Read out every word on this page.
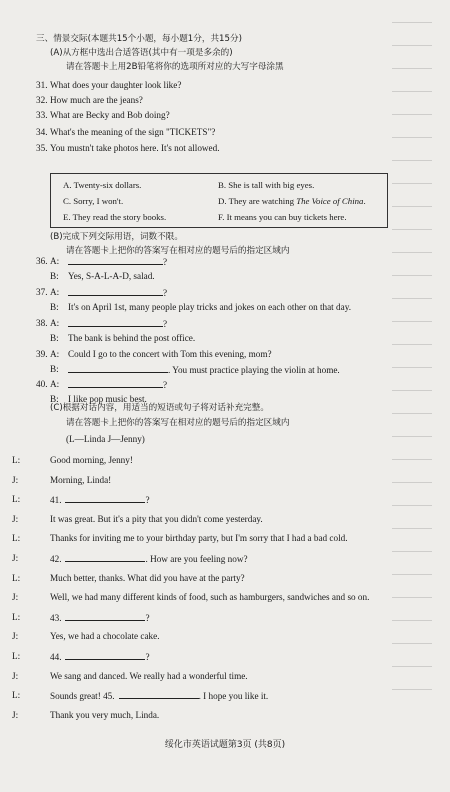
三、情景交际(本题共15个小题，每小题1分，共15分)
(A)从方框中选出合适答语(其中有一项是多余的)
请在答题卡上用2B铅笔将你的选项所对应的大写字母涂黑
31. What does your daughter look like?
32. How much are the jeans?
33. What are Becky and Bob doing?
34. What's the meaning of the sign "TICKETS"?
35. You mustn't take photos here. It's not allowed.
A. Twenty-six dollars.	B. She is tall with big eyes.
C. Sorry, I won't.	D. They are watching The Voice of China.
E. They read the story books.	F. It means you can buy tickets here.
(B)完成下列交际用语，词数不限。
请在答题卡上把你的答案写在相对应的题号后的指定区域内
36. A:	?
B: Yes, S-A-L-A-D, salad.
37. A:	?
B: It's on April 1st, many people play tricks and jokes on each other on that day.
38. A:	?
B: The bank is behind the post office.
39. A: Could I go to the concert with Tom this evening, mom?
B:	. You must practice playing the violin at home.
40. A:	?
B: I like pop music best.
(C)根据对话内容，用适当的短语或句子将对话补充完整。
请在答题卡上把你的答案写在相对应的题号后的指定区域内
(L—Linda J—Jenny)
L:	Good morning, Jenny!
J:	Morning, Linda!
L:	41.	?
J:	It was great. But it's a pity that you didn't come yesterday.
L:	Thanks for inviting me to your birthday party, but I'm sorry that I had a bad cold.
J:	42.	. How are you feeling now?
L:	Much better, thanks. What did you have at the party?
J:	Well, we had many different kinds of food, such as hamburgers, sandwiches and so on.
L:	43.	?
J:	Yes, we had a chocolate cake.
L:	44.	?
J:	We sang and danced. We really had a wonderful time.
L:	Sounds great! 45.	. I hope you like it.
J:	Thank you very much, Linda.
绥化市英语试题第3页 (共8页)
